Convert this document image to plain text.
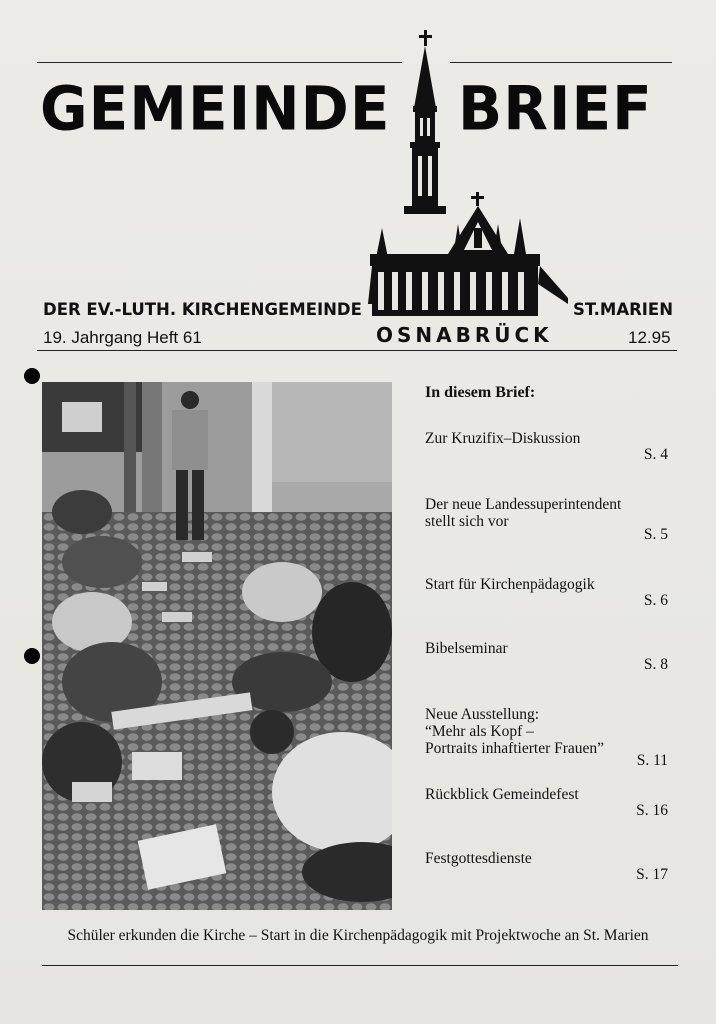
GEMEINDE BRIEF
DER EV.-LUTH. KIRCHENGEMEINDE	ST.MARIEN
OSNABRÜCK
19. Jahrgang Heft 61	12.95
In diesem Brief:
Zur Kruzifix–Diskussion
S. 4
Der neue Landessuperintendent
stellt sich vor
S. 5
Start für Kirchenpädagogik
S. 6
Bibelseminar
S. 8
Neue Ausstellung:
“Mehr als Kopf –
Portraits inhaftierter Frauen”
S. 11
Rückblick Gemeindefest
S. 16
Festgottesdienste
S. 17
Schüler erkunden die Kirche – Start in die Kirchenpädagogik mit Projektwoche an St. Marien
